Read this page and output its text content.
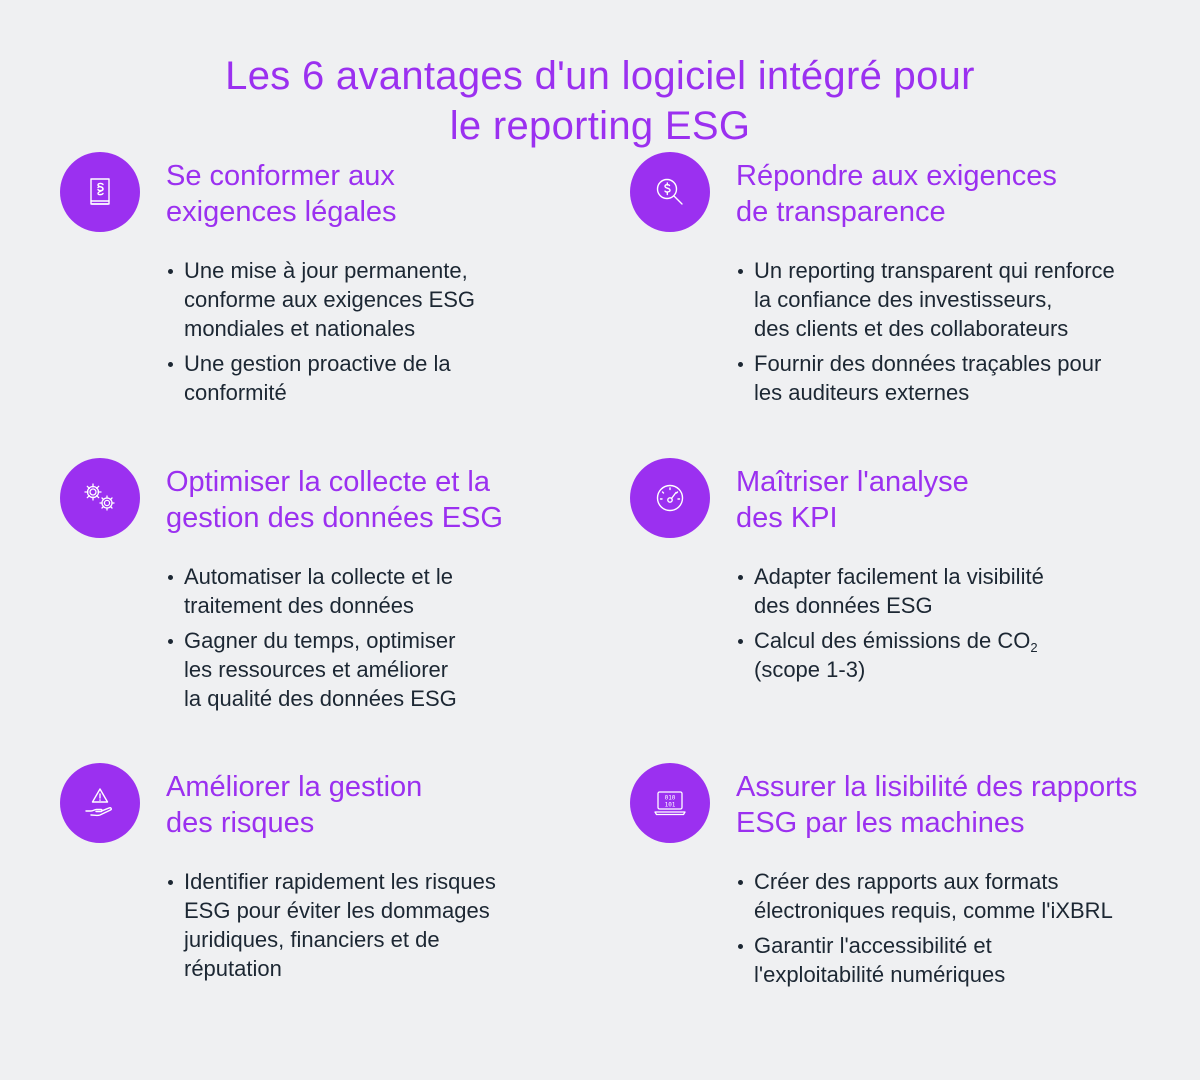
Les 6 avantages d'un logiciel intégré pour
le reporting ESG
Se conformer aux
exigences légales
Une mise à jour permanente,
conforme aux exigences ESG
mondiales et nationales
Une gestion proactive de la
conformité
Répondre aux exigences
de transparence
Un reporting transparent qui renforce
la confiance des investisseurs,
des clients et des collaborateurs
Fournir des données traçables pour
les auditeurs externes
Optimiser la collecte et la
gestion des données ESG
Automatiser la collecte et le
traitement des données
Gagner du temps, optimiser
les ressources et améliorer
la qualité des données ESG
Maîtriser l'analyse
des KPI
Adapter facilement la visibilité
des données ESG
Calcul des émissions de $CO_2$
(scope 1-3)
Améliorer la gestion
des risques
Identifier rapidement les risques
ESG pour éviter les dommages
juridiques, financiers et de
réputation
010
101
Assurer la lisibilité des rapports
ESG par les machines
Créer des rapports aux formats
électroniques requis, comme l'iXBRL
Garantir l'accessibilité et
l'exploitabilité numériques
